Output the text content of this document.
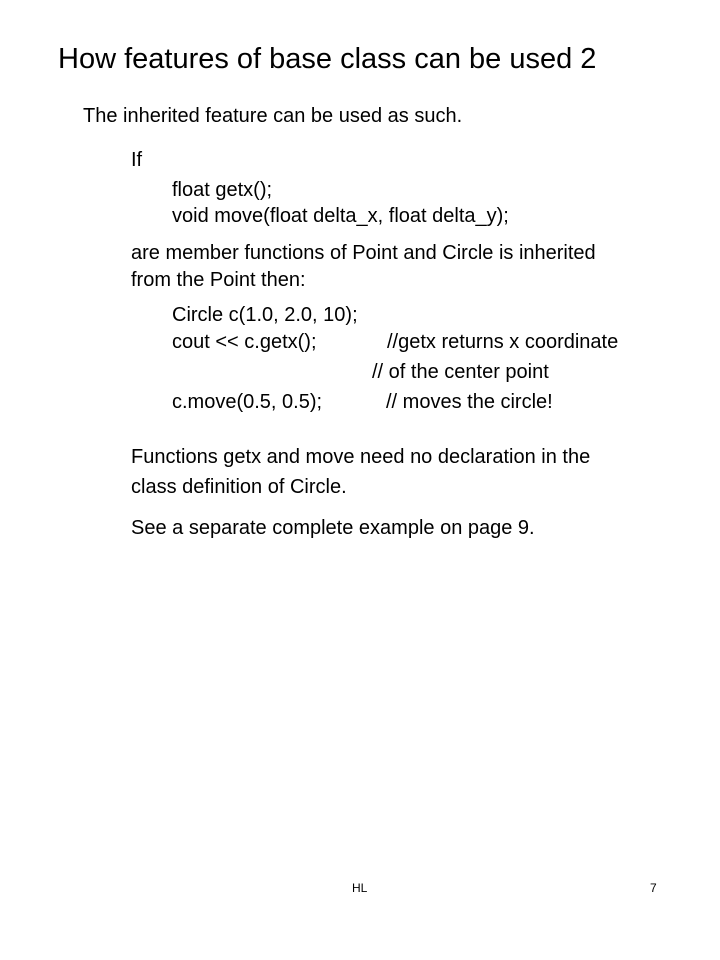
How features of base class can be used 2

The inherited feature can be used as such.

If

float getx();

void move(float delta_x, float delta_y);

are member functions of Point and Circle is inherited

from the Point then:

Circle c(1.0, 2.0, 10);

cout << c.getx();	//getx returns x coordinate

// of the center point

c.move(0.5, 0.5);	// moves the circle!

Functions getx and move need no declaration in the

class definition of Circle.

See a separate complete example on page 9.

HL	7
